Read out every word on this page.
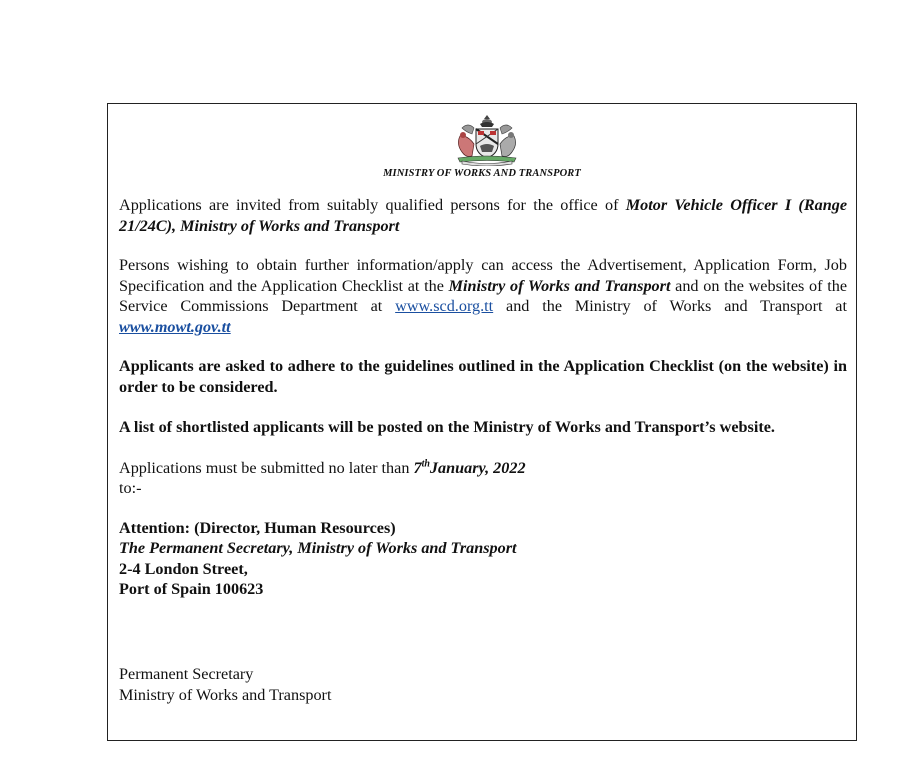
MINISTRY OF WORKS AND TRANSPORT

Applications are invited from suitably qualified persons for the office of Motor Vehicle Officer I (Range 21/24C), Ministry of Works and Transport

Persons wishing to obtain further information/apply can access the Advertisement, Application Form, Job Specification and the Application Checklist at the Ministry of Works and Transport and on the websites of the Service Commissions Department at www.scd.org.tt and the Ministry of Works and Transport at www.mowt.gov.tt

Applicants are asked to adhere to the guidelines outlined in the Application Checklist (on the website) in order to be considered.

A list of shortlisted applicants will be posted on the Ministry of Works and Transport’s website.

Applications must be submitted no later than 7thJanuary, 2022
to:-

Attention: (Director, Human Resources)
The Permanent Secretary, Ministry of Works and Transport
2-4 London Street,
Port of Spain 100623
Permanent Secretary
Ministry of Works and Transport
